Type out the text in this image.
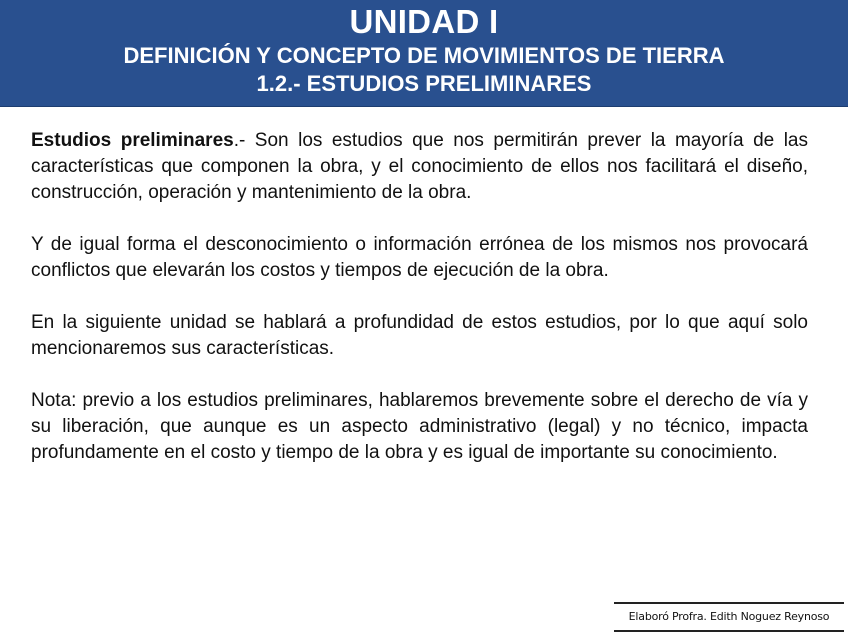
UNIDAD I
DEFINICIÓN Y CONCEPTO DE MOVIMIENTOS DE TIERRA
1.2.- ESTUDIOS PRELIMINARES

Estudios preliminares.- Son los estudios que nos permitirán prever la mayoría de las características que componen la obra, y el conocimiento de ellos nos facilitará el diseño, construcción, operación y mantenimiento de la obra.

Y de igual forma el desconocimiento o información errónea de los mismos nos provocará conflictos que elevarán los costos y tiempos de ejecución de la obra.

En la siguiente unidad se hablará a profundidad de estos estudios, por lo que aquí solo mencionaremos sus características.

Nota: previo a los estudios preliminares, hablaremos brevemente sobre el derecho de vía y su liberación, que aunque es un aspecto administrativo (legal) y no técnico, impacta profundamente en el costo y tiempo de la obra y es igual de importante su conocimiento.

Elaboró Profra. Edith Noguez Reynoso
